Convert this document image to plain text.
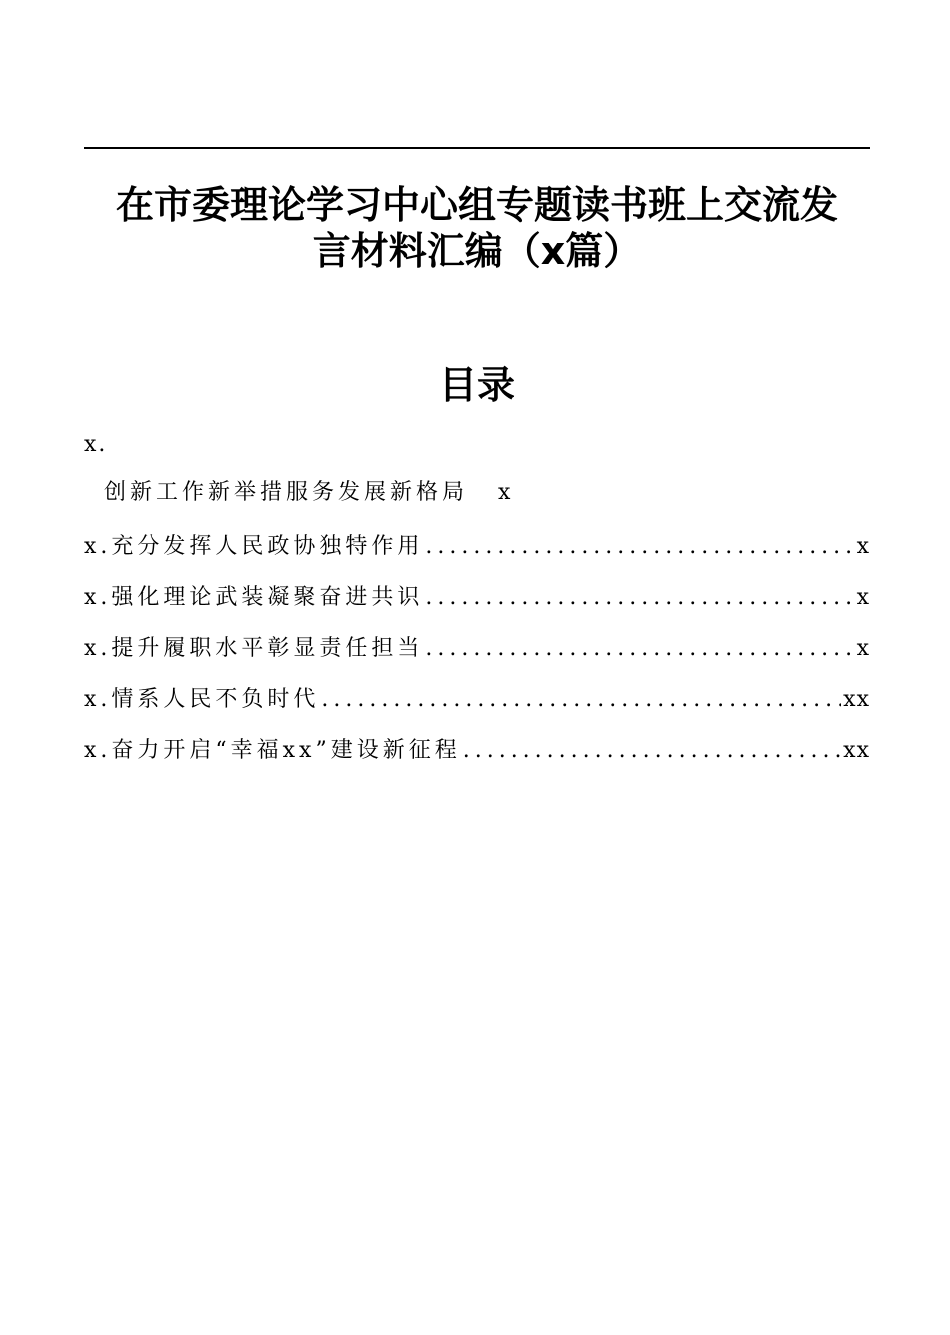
在市委理论学习中心组专题读书班上交流发
言材料汇编（x篇）
目录
x.
创新工作新举措服务发展新格局 x
x.充分发挥人民政协独特作用 .....	x
x.强化理论武装凝聚奋进共识 .....	x
x.提升履职水平彰显责任担当 .....	x
x.情系人民不负时代 .....	xx
x.奋力开启“幸福xx”建设新征程 .....	xx
